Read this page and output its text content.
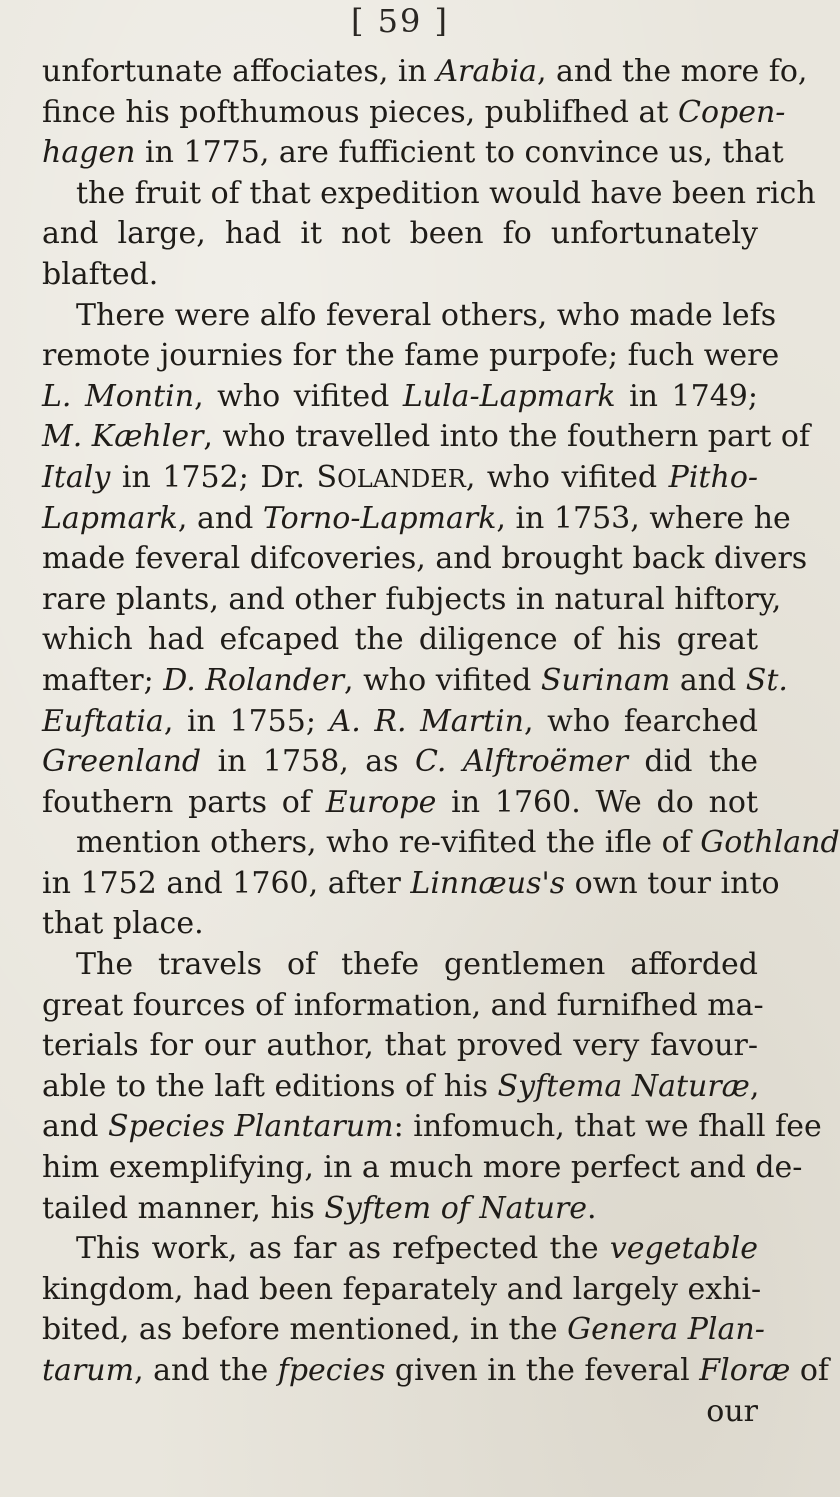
[ 59 ]
unfortunate affociates, in Arabia, and the more fo,
fince his pofthumous pieces, publifhed at Copen-
hagen in 1775, are fufficient to convince us, that
the fruit of that expedition would have been rich
and large, had it not been fo unfortunately
blafted.
There were alfo feveral others, who made lefs
remote journies for the fame purpofe; fuch were
L. Montin, who vifited Lula-Lapmark in 1749;
M. Kæhler, who travelled into the fouthern part of
Italy in 1752; Dr. SOLANDER, who vifited Pitho-
Lapmark, and Torno-Lapmark, in 1753, where he
made feveral difcoveries, and brought back divers
rare plants, and other fubjects in natural hiftory,
which had efcaped the diligence of his great
mafter; D. Rolander, who vifited Surinam and St.
Euftatia, in 1755; A. R. Martin, who fearched
Greenland in 1758, as C. Alftroëmer did the
fouthern parts of Europe in 1760. We do not
mention others, who re-vifited the ifle of Gothland
in 1752 and 1760, after Linnæus's own tour into
that place.
The travels of thefe gentlemen afforded
great fources of information, and furnifhed ma-
terials for our author, that proved very favour-
able to the laft editions of his Syftema Naturæ,
and Species Plantarum: infomuch, that we fhall fee
him exemplifying, in a much more perfect and de-
tailed manner, his Syftem of Nature.
This work, as far as refpected the vegetable
kingdom, had been feparately and largely exhi-
bited, as before mentioned, in the Genera Plan-
tarum, and the fpecies given in the feveral Floræ of
our
